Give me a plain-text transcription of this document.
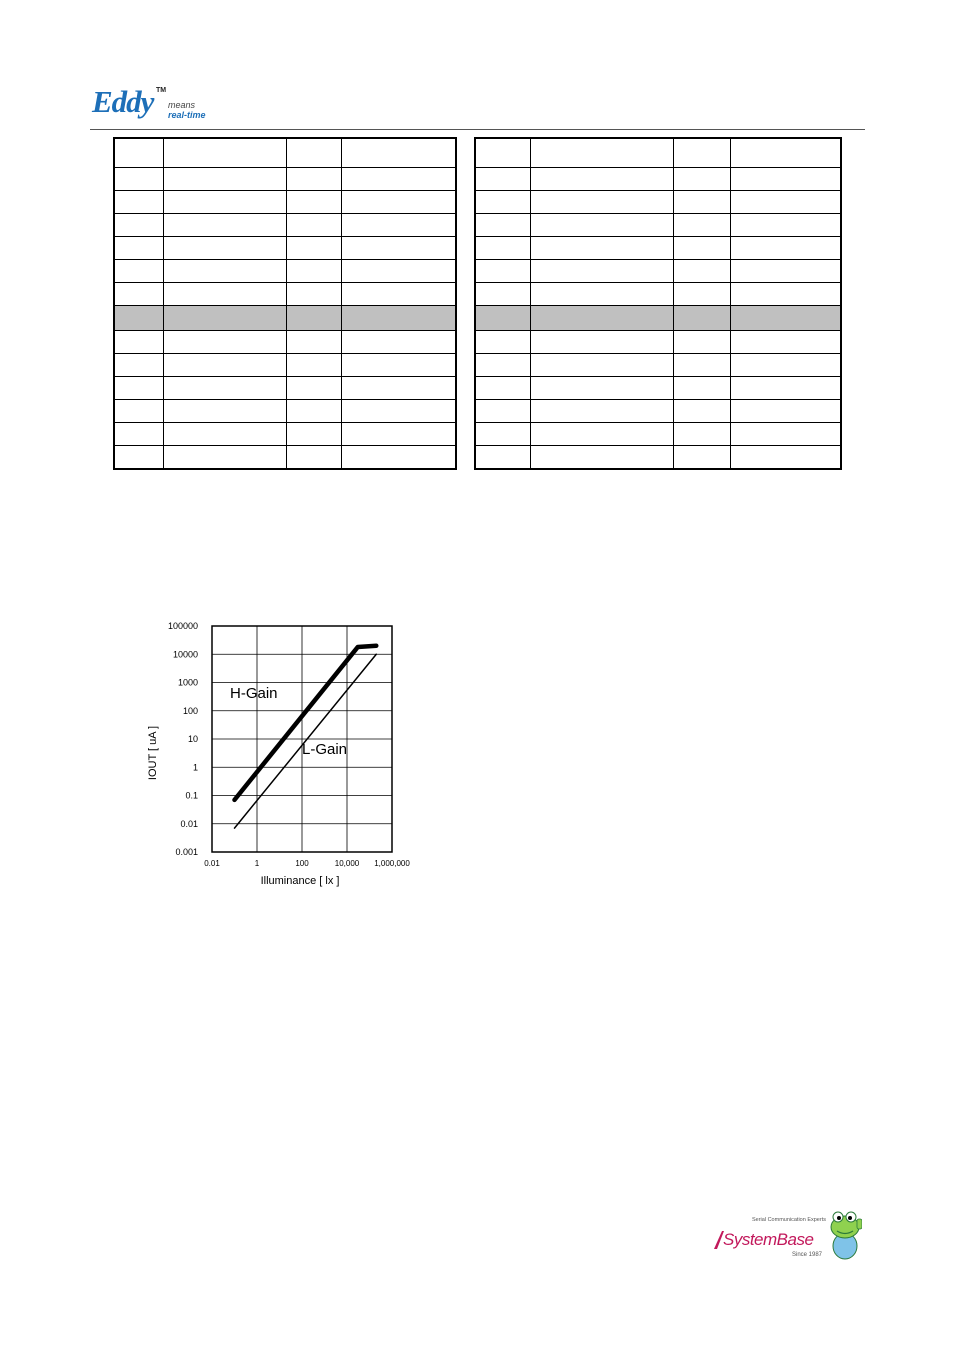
Eddy TM
means
real-time

0.001
0.01
0.1
1
10
100
1000
10000
100000
0.01	1	100	10,000 1,000,000
H-Gain
L-Gain
Illuminance [ lx ]
IOUT [ uA ]
Serial Communication Experts
SystemBase
Since 1987
